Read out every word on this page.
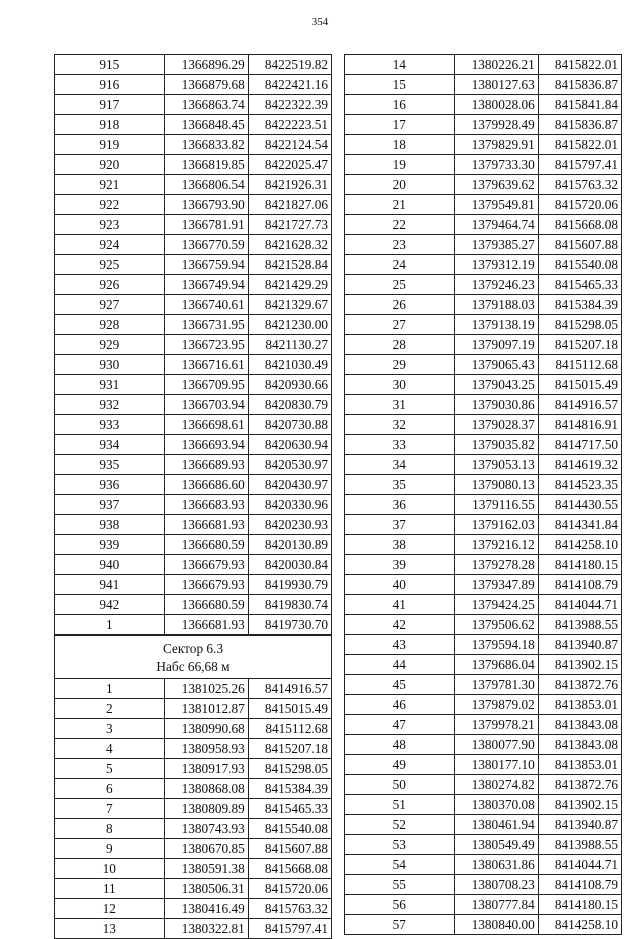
354
915	1366896.29	8422519.82
916	1366879.68	8422421.16
917	1366863.74	8422322.39
918	1366848.45	8422223.51
919	1366833.82	8422124.54
920	1366819.85	8422025.47
921	1366806.54	8421926.31
922	1366793.90	8421827.06
923	1366781.91	8421727.73
924	1366770.59	8421628.32
925	1366759.94	8421528.84
926	1366749.94	8421429.29
927	1366740.61	8421329.67
928	1366731.95	8421230.00
929	1366723.95	8421130.27
930	1366716.61	8421030.49
931	1366709.95	8420930.66
932	1366703.94	8420830.79
933	1366698.61	8420730.88
934	1366693.94	8420630.94
935	1366689.93	8420530.97
936	1366686.60	8420430.97
937	1366683.93	8420330.96
938	1366681.93	8420230.93
939	1366680.59	8420130.89
940	1366679.93	8420030.84
941	1366679.93	8419930.79
942	1366680.59	8419830.74
1	1366681.93	8419730.70

Сектор 6.3
Набс 66,68 м		

1	1381025.26	8414916.57
2	1381012.87	8415015.49
3	1380990.68	8415112.68
4	1380958.93	8415207.18
5	1380917.93	8415298.05
6	1380868.08	8415384.39
7	1380809.89	8415465.33
8	1380743.93	8415540.08
9	1380670.85	8415607.88
10	1380591.38	8415668.08
11	1380506.31	8415720.06
12	1380416.49	8415763.32
13	1380322.81	8415797.41
14	1380226.21	8415822.01
15	1380127.63	8415836.87
16	1380028.06	8415841.84
17	1379928.49	8415836.87
18	1379829.91	8415822.01
19	1379733.30	8415797.41
20	1379639.62	8415763.32
21	1379549.81	8415720.06
22	1379464.74	8415668.08
23	1379385.27	8415607.88
24	1379312.19	8415540.08
25	1379246.23	8415465.33
26	1379188.03	8415384.39
27	1379138.19	8415298.05
28	1379097.19	8415207.18
29	1379065.43	8415112.68
30	1379043.25	8415015.49
31	1379030.86	8414916.57
32	1379028.37	8414816.91
33	1379035.82	8414717.50
34	1379053.13	8414619.32
35	1379080.13	8414523.35
36	1379116.55	8414430.55
37	1379162.03	8414341.84
38	1379216.12	8414258.10
39	1379278.28	8414180.15
40	1379347.89	8414108.79
41	1379424.25	8414044.71
42	1379506.62	8413988.55
43	1379594.18	8413940.87
44	1379686.04	8413902.15
45	1379781.30	8413872.76
46	1379879.02	8413853.01
47	1379978.21	8413843.08
48	1380077.90	8413843.08
49	1380177.10	8413853.01
50	1380274.82	8413872.76
51	1380370.08	8413902.15
52	1380461.94	8413940.87
53	1380549.49	8413988.55
54	1380631.86	8414044.71
55	1380708.23	8414108.79
56	1380777.84	8414180.15
57	1380840.00	8414258.10
